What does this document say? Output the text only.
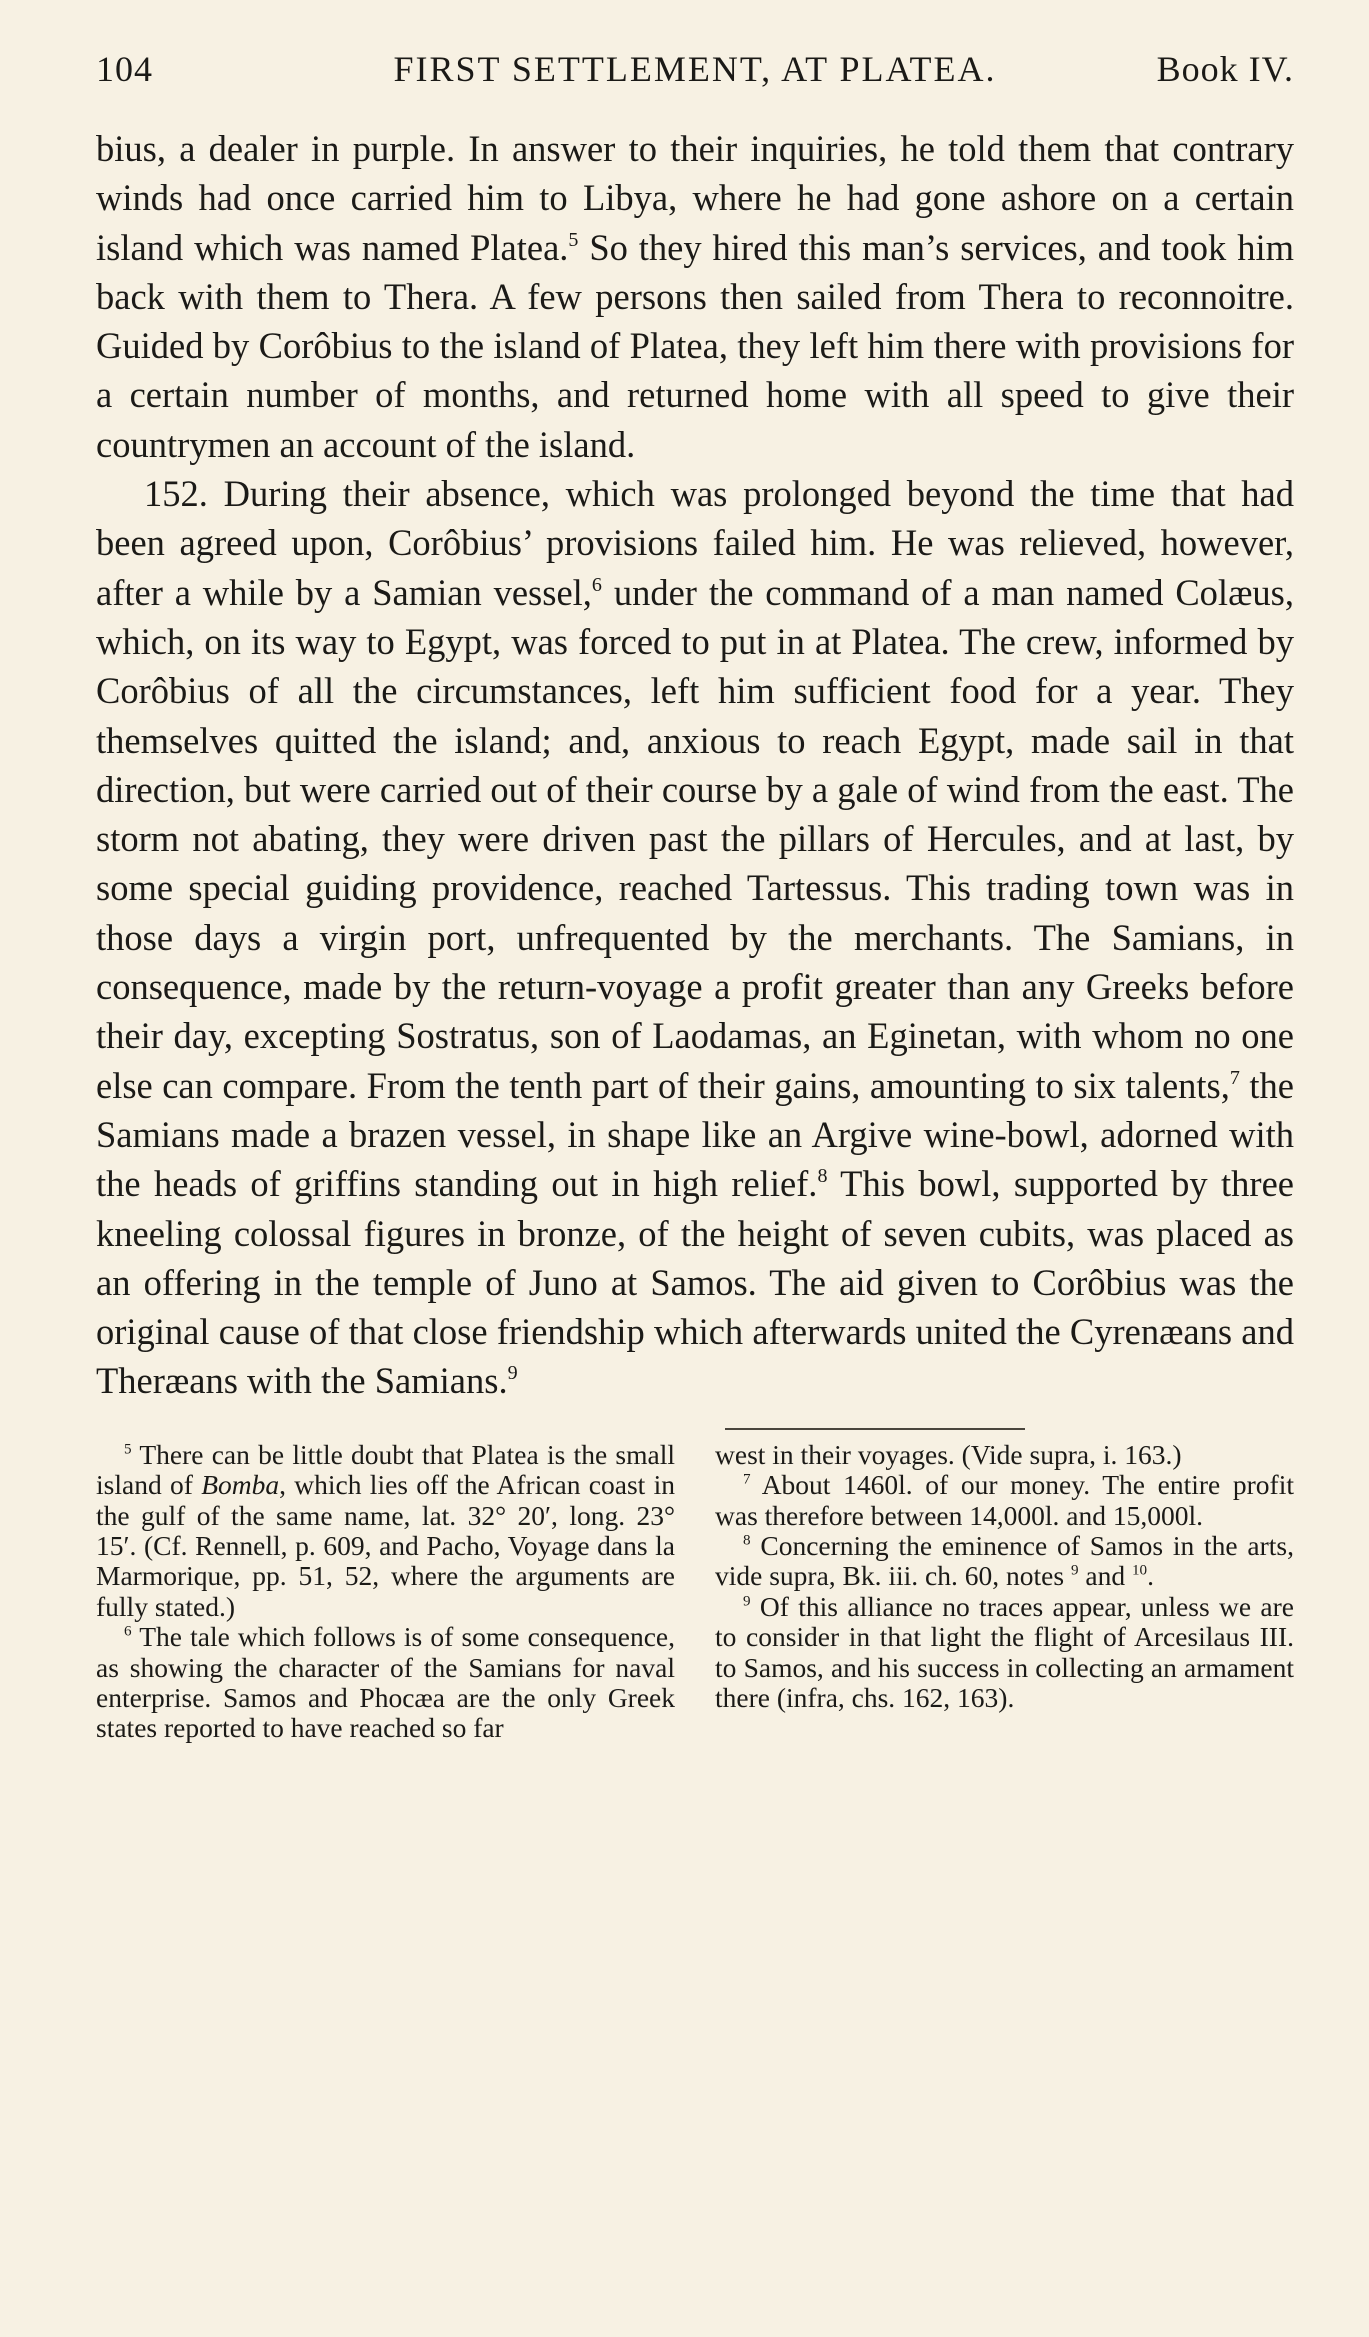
104	FIRST SETTLEMENT, AT PLATEA.	Book IV.

bius, a dealer in purple. In answer to their inquiries, he told them that contrary winds had once carried him to Libya, where he had gone ashore on a certain island which was named Platea.$^5$ So they hired this man’s services, and took him back with them to Thera. A few persons then sailed from Thera to reconnoitre. Guided by Corôbius to the island of Platea, they left him there with provisions for a certain number of months, and returned home with all speed to give their countrymen an account of the island.

152. During their absence, which was prolonged beyond the time that had been agreed upon, Corôbius’ provisions failed him. He was relieved, however, after a while by a Samian vessel,$^6$ under the command of a man named Colæus, which, on its way to Egypt, was forced to put in at Platea. The crew, informed by Corôbius of all the circumstances, left him sufficient food for a year. They themselves quitted the island; and, anxious to reach Egypt, made sail in that direction, but were carried out of their course by a gale of wind from the east. The storm not abating, they were driven past the pillars of Hercules, and at last, by some special guiding providence, reached Tartessus. This trading town was in those days a virgin port, unfrequented by the merchants. The Samians, in consequence, made by the return-voyage a profit greater than any Greeks before their day, excepting Sostratus, son of Laodamas, an Eginetan, with whom no one else can compare. From the tenth part of their gains, amounting to six talents,$^7$ the Samians made a brazen vessel, in shape like an Argive wine-bowl, adorned with the heads of griffins standing out in high relief.$^8$ This bowl, supported by three kneeling colossal figures in bronze, of the height of seven cubits, was placed as an offering in the temple of Juno at Samos. The aid given to Corôbius was the original cause of that close friendship which afterwards united the Cyrenæans and Theræans with the Samians.$^9$

$^5$ There can be little doubt that Platea is the small island of Bomba, which lies off the African coast in the gulf of the same name, lat. 32° 20′, long. 23° 15′. (Cf. Rennell, p. 609, and Pacho, Voyage dans la Marmorique, pp. 51, 52, where the arguments are fully stated.)

$^6$ The tale which follows is of some consequence, as showing the character of the Samians for naval enterprise. Samos and Phocæa are the only Greek states reported to have reached so far

west in their voyages. (Vide supra, i. 163.)

$^7$ About 1460l. of our money. The entire profit was therefore between 14,000l. and 15,000l.

$^8$ Concerning the eminence of Samos in the arts, vide supra, Bk. iii. ch. 60, notes $^9$ and $^{10}$.

$^9$ Of this alliance no traces appear, unless we are to consider in that light the flight of Arcesilaus III. to Samos, and his success in collecting an armament there (infra, chs. 162, 163).
